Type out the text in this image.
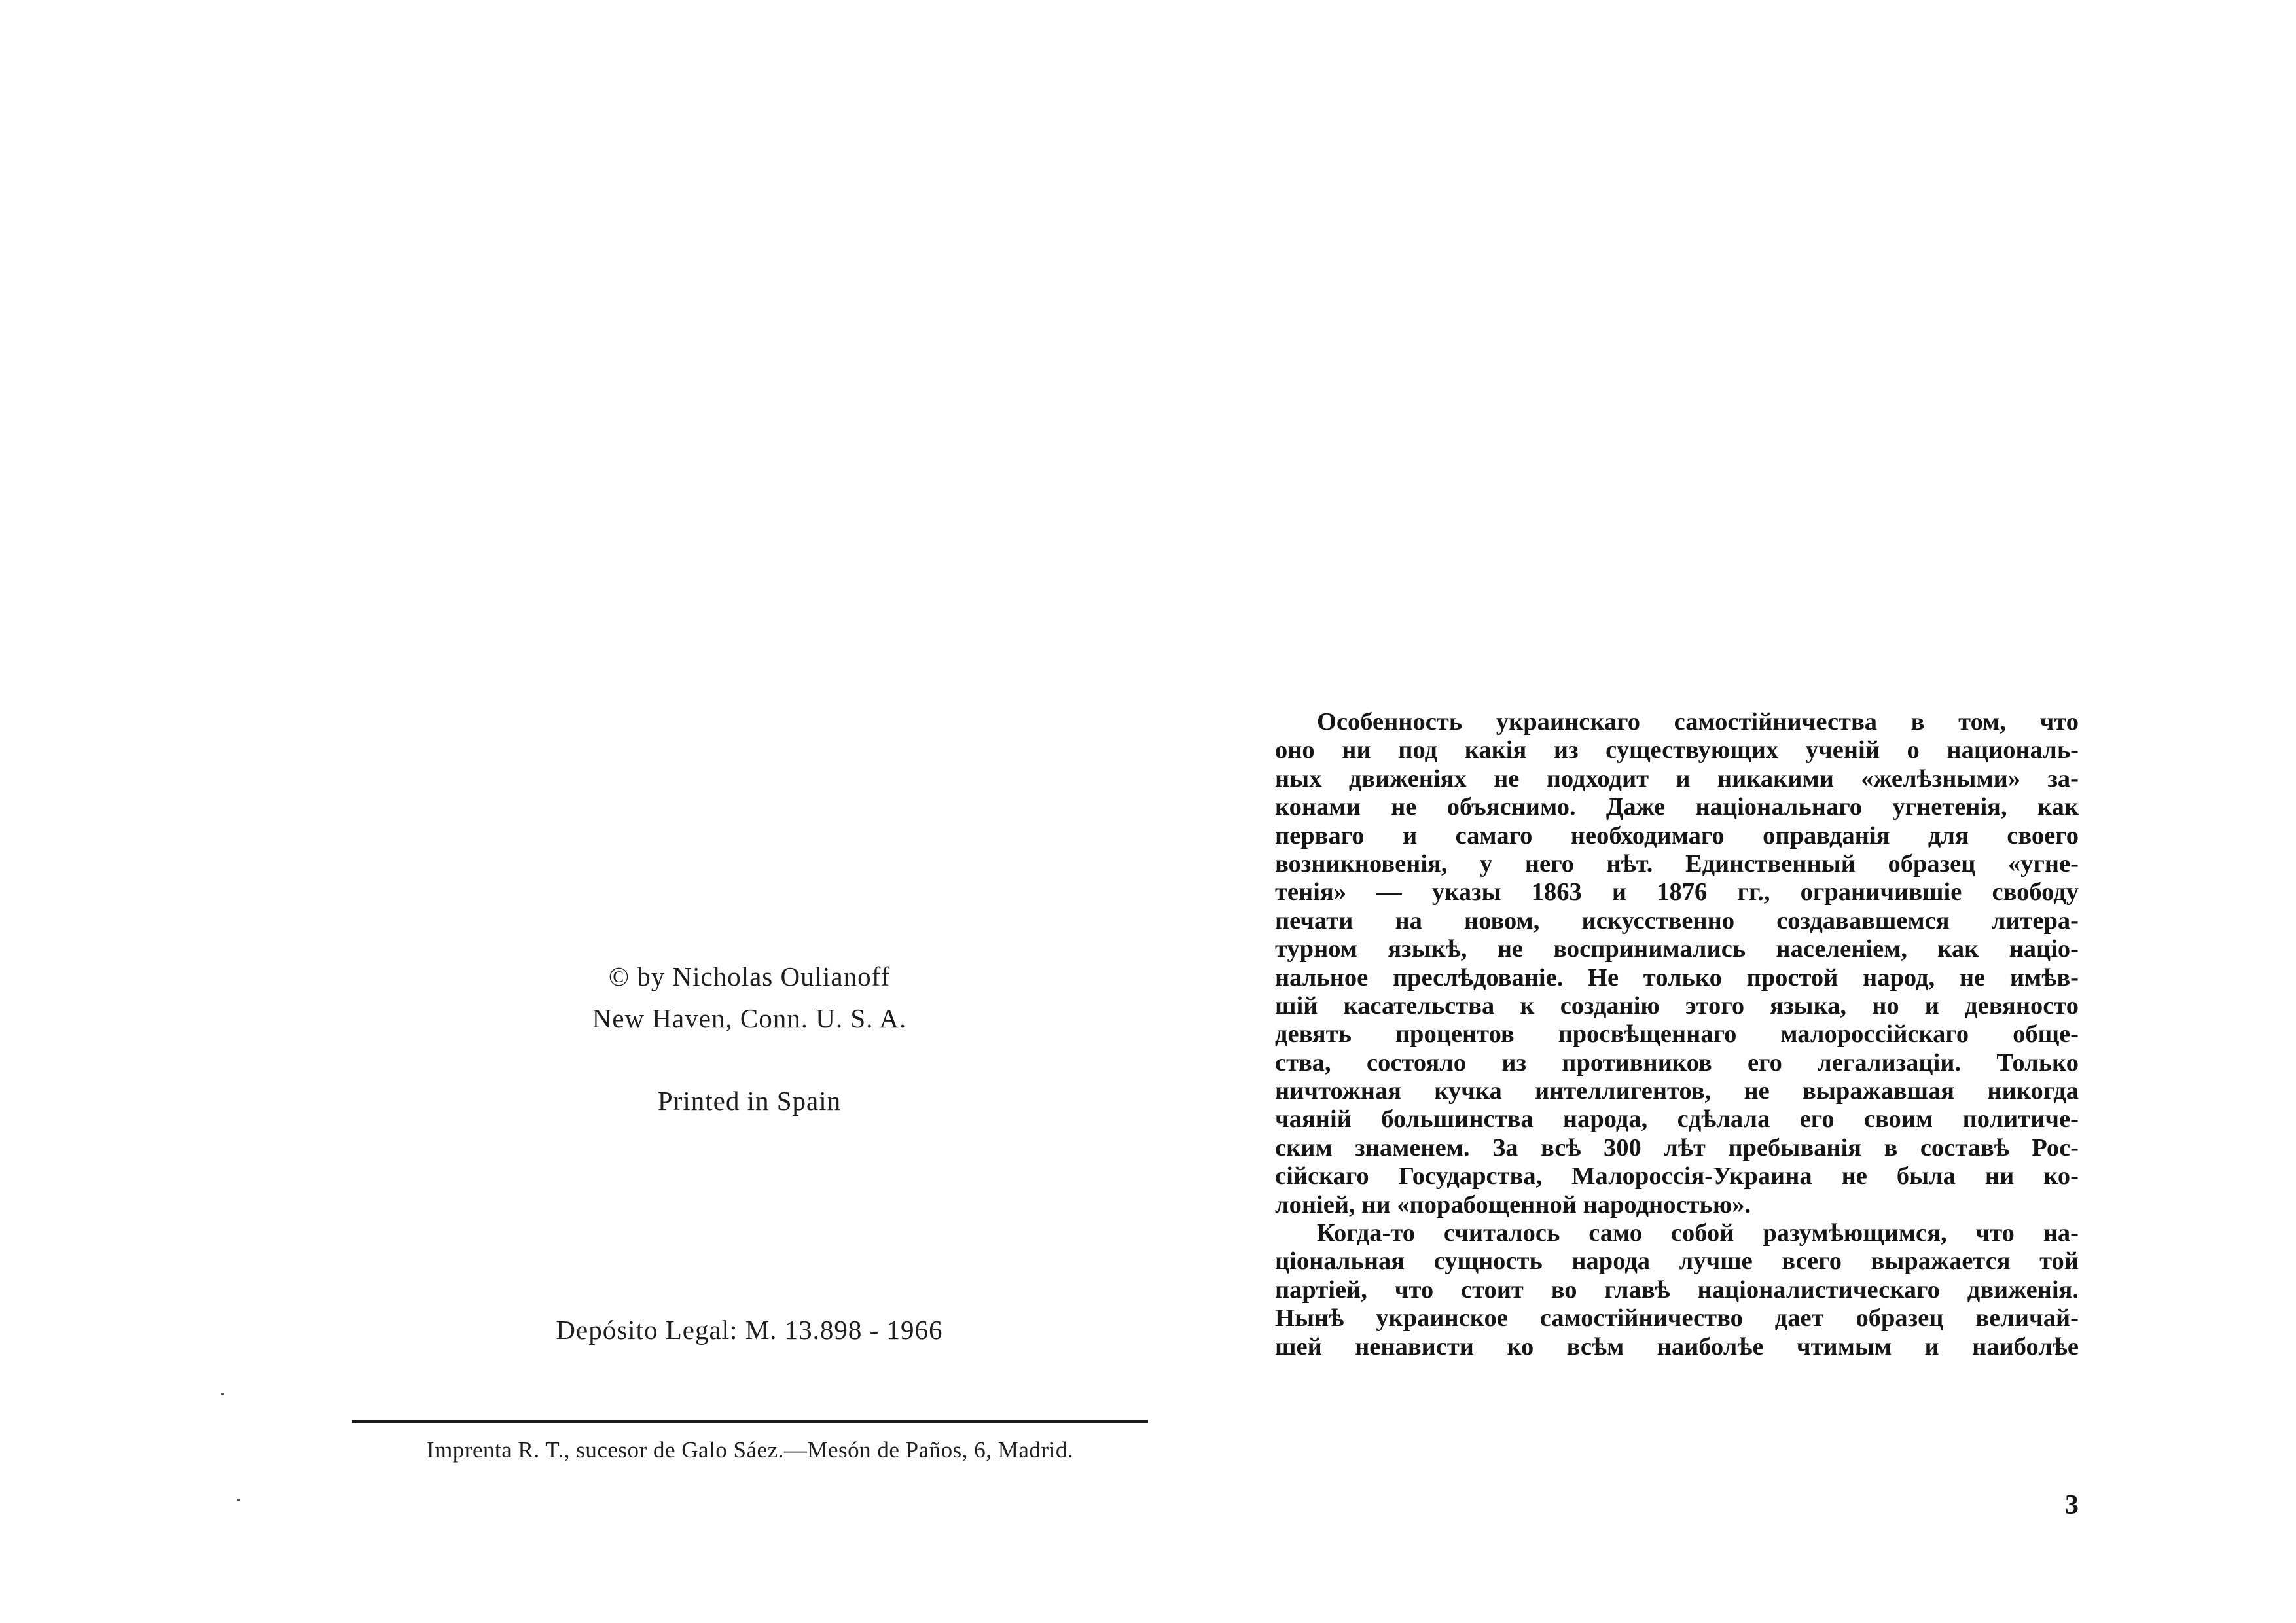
© by Nicholas Oulianoff
New Haven, Conn. U. S. A.
Printed in Spain
Depósito Legal: M. 13.898 - 1966
Imprenta R. T., sucesor de Galo Sáez.—Mesón de Paños, 6, Madrid.
Особенность украинскаго самостійничества в том, что
оно ни под какія из существующих ученій о националь-
ных движеніях не подходит и никакими «желѣзными» за-
конами не объяснимо. Даже національнаго угнетенія, как
перваго и самаго необходимаго оправданія для своего
возникновенія, у него нѣт. Единственный образец «угне-
тенія» — указы 1863 и 1876 гг., ограничившіе свободу
печати на новом, искусственно создававшемся литера-
турном языкѣ, не воспринимались населеніем, как націо-
нальное преслѣдованіе. Не только простой народ, не имѣв-
шій касательства к созданію этого языка, но и девяносто
девять процентов просвѣщеннаго малороссійскаго обще-
ства, состояло из противников его легализаціи. Только
ничтожная кучка интеллигентов, не выражавшая никогда
чаяній большинства народа, сдѣлала его своим политиче-
ским знаменем. За всѣ 300 лѣт пребыванія в составѣ Рос-
сійскаго Государства, Малороссія-Украина не была ни ко-
лоніей, ни «порабощенной народностью».
Когда-то считалось само собой разумѣющимся, что на-
ціональная сущность народа лучше всего выражается той
партіей, что стоит во главѣ націоналистическаго движенія.
Нынѣ украинское самостійничество дает образец величай-
шей ненависти ко всѣм наиболѣе чтимым и наиболѣе
3
